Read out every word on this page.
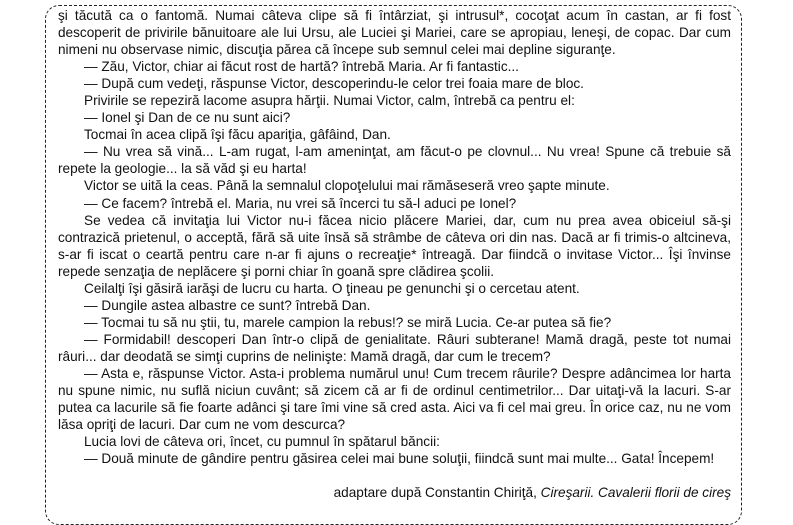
şi tăcută ca o fantomă. Numai câteva clipe să fi întârziat, şi intrusul*, cocoţat acum în castan, ar fi fost descoperit de privirile bănuitoare ale lui Ursu, ale Luciei şi Mariei, care se apropiau, leneşi, de copac. Dar cum nimeni nu observase nimic, discuţia părea că începe sub semnul celei mai depline siguranţe.

— Zău, Victor, chiar ai făcut rost de hartă? întrebă Maria. Ar fi fantastic...

— După cum vedeţi, răspunse Victor, descoperindu-le celor trei foaia mare de bloc.

Privirile se repeziră lacome asupra hărţii. Numai Victor, calm, întrebă ca pentru el:

— Ionel şi Dan de ce nu sunt aici?

Tocmai în acea clipă îşi făcu apariţia, gâfâind, Dan.

— Nu vrea să vină... L-am rugat, l-am ameninţat, am făcut-o pe clovnul... Nu vrea! Spune că trebuie să repete la geologie... la să văd şi eu harta!

Victor se uită la ceas. Până la semnalul clopoţelului mai rămăseseră vreo şapte minute.

— Ce facem? întrebă el. Maria, nu vrei să încerci tu să-l aduci pe Ionel?

Se vedea că invitaţia lui Victor nu-i făcea nicio plăcere Mariei, dar, cum nu prea avea obiceiul să-şi contrazică prietenul, o acceptă, fără să uite însă să strâmbe de câteva ori din nas. Dacă ar fi trimis-o altcineva, s-ar fi iscat o ceartă pentru care n-ar fi ajuns o recreaţie* întreagă. Dar fiindcă o invitase Victor... Îşi învinse repede senzaţia de neplăcere şi porni chiar în goană spre clădirea şcolii.

Ceilalţi îşi găsiră iarăşi de lucru cu harta. O ţineau pe genunchi şi o cercetau atent.

— Dungile astea albastre ce sunt? întrebă Dan.

— Tocmai tu să nu ştii, tu, marele campion la rebus!? se miră Lucia. Ce-ar putea să fie?

— Formidabil! descoperi Dan într-o clipă de genialitate. Râuri subterane! Mamă dragă, peste tot numai râuri... dar deodată se simţi cuprins de nelinişte: Mamă dragă, dar cum le trecem?

— Asta e, răspunse Victor. Asta-i problema numărul unu! Cum trecem râurile? Despre adâncimea lor harta nu spune nimic, nu suflă niciun cuvânt; să zicem că ar fi de ordinul centimetrilor... Dar uitaţi-vă la lacuri. S-ar putea ca lacurile să fie foarte adânci şi tare îmi vine să cred asta. Aici va fi cel mai greu. În orice caz, nu ne vom lăsa opriţi de lacuri. Dar cum ne vom descurca?

Lucia lovi de câteva ori, încet, cu pumnul în spătarul băncii:

— Două minute de gândire pentru găsirea celei mai bune soluţii, fiindcă sunt mai multe... Gata! Începem!

adaptare după Constantin Chiriţă, Cireşarii. Cavalerii florii de cireş
